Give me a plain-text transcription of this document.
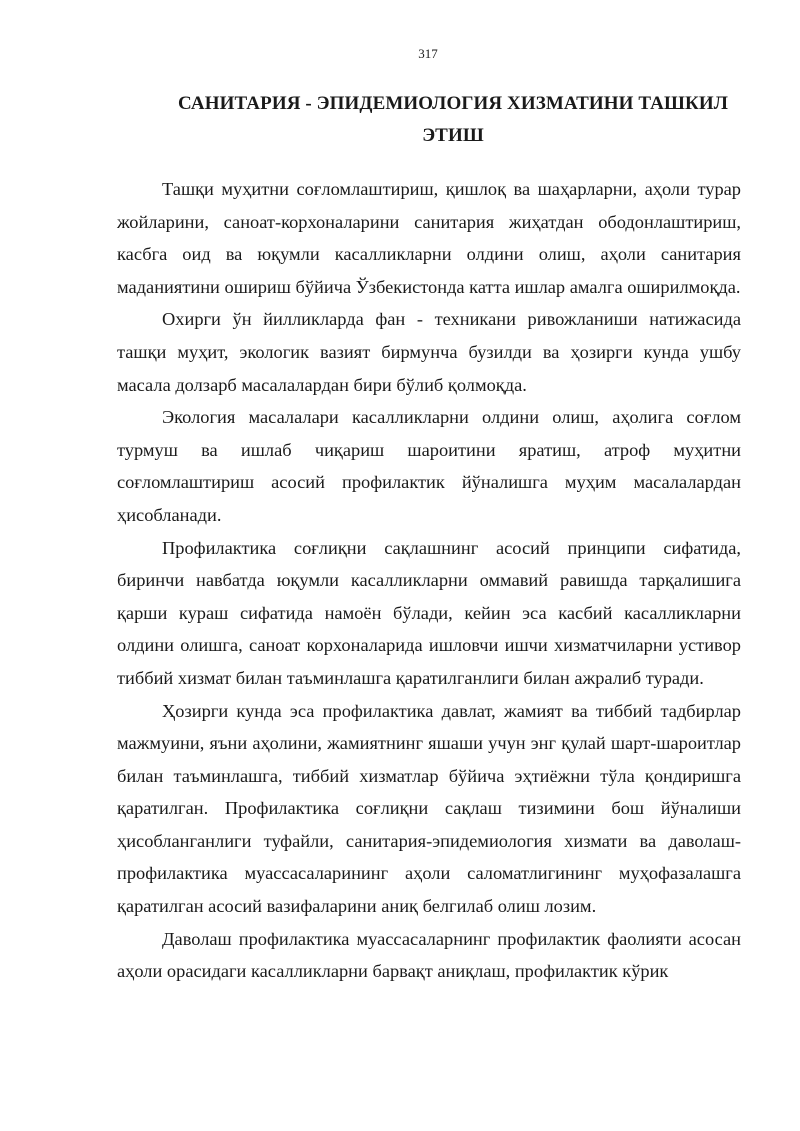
317
САНИТАРИЯ - ЭПИДЕМИОЛОГИЯ ХИЗМАТИНИ ТАШКИЛ
ЭТИШ

Ташқи муҳитни соғломлаштириш, қишлоқ ва шаҳарларни, аҳоли турар жойларини, саноат-корхоналарини санитария жиҳатдан ободонлаштириш, касбга оид ва юқумли касалликларни олдини олиш, аҳоли санитария маданиятини ошириш бўйича Ўзбекистонда катта ишлар амалга оширилмоқда.

Охирги ўн йилликларда фан - техникани ривожланиши натижасида ташқи муҳит, экологик вазият бирмунча бузилди ва ҳозирги кунда ушбу масала долзарб масалалардан бири бўлиб қолмоқда.

Экология масалалари касалликларни олдини олиш, аҳолига соғлом турмуш ва ишлаб чиқариш шароитини яратиш, атроф муҳитни соғломлаштириш асосий профилактик йўналишга муҳим масалалардан ҳисобланади.

Профилактика соғлиқни сақлашнинг асосий принципи сифатида, биринчи навбатда юқумли касалликларни оммавий равишда тарқалишига қарши кураш сифатида намоён бўлади, кейин эса касбий касалликларни олдини олишга, саноат корхоналарида ишловчи ишчи хизматчиларни устивор тиббий хизмат билан таъминлашга қаратилганлиги билан ажралиб туради.

Ҳозирги кунда эса профилактика давлат, жамият ва тиббий тадбирлар мажмуини, яъни аҳолини, жамиятнинг яшаши учун энг қулай шарт-шароитлар билан таъминлашга, тиббий хизматлар бўйича эҳтиёжни тўла қондиришга қаратилган. Профилактика соғлиқни сақлаш тизимини бош йўналиши ҳисобланганлиги туфайли, санитария-эпидемиология хизмати ва даволаш-профилактика муассасаларининг аҳоли саломатлигининг муҳофазалашга қаратилган асосий вазифаларини аниқ белгилаб олиш лозим.

Даволаш профилактика муассасаларнинг профилактик фаолияти асосан аҳоли орасидаги касалликларни барвақт аниқлаш, профилактик кўрик
